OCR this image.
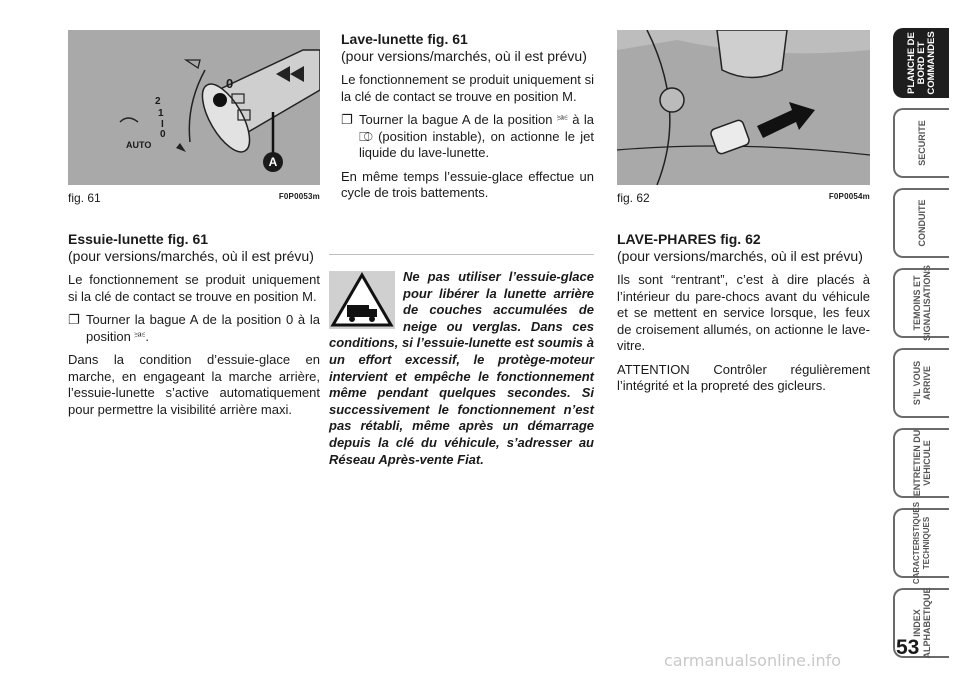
0
2
1
I
0
AUTO
A
fig. 61	F0P0053m	fig. 62	F0P0054m
Essuie-lunette fig. 61
(pour versions/marchés, où il est prévu)

Le fonctionnement se produit uniquement si la clé de contact se trouve en position M.

❐ Tourner la bague A de la position 0 à la position ⎃.

Dans la condition d’essuie-glace en marche, en engageant la marche arrière, l’essuie-lunette s’active automatiquement pour permettre la visibilité arrière maxi.

Lave-lunette fig. 61
(pour versions/marchés, où il est prévu)

Le fonctionnement se produit uniquement si la clé de contact se trouve en position M.

❐ Tourner la bague A de la position ⎃ à la ⎄ (position instable), on actionne le jet liquide du lave-lunette.

En même temps l’essuie-glace effectue un cycle de trois battements.

Ne pas utiliser l’essuie-glace pour libérer la lunette arrière de couches accumulées de neige ou verglas. Dans ces conditions, si l’essuie-lunette est soumis à un effort excessif, le protège-moteur intervient et empêche le fonctionnement même pendant quelques secondes. Si successivement le fonctionnement n’est pas rétabli, même après un démarrage depuis la clé du véhicule, s’adresser au Réseau Après-vente Fiat.
LAVE-PHARES fig. 62
(pour versions/marchés, où il est prévu)

Ils sont “rentrant”, c’est à dire placés à l’intérieur du pare-chocs avant du véhicule et se mettent en service lorsque, les feux de croisement allumés, on actionne le lave-vitre.

ATTENTION Contrôler régulièrement l’intégrité et la propreté des gicleurs.

PLANCHE DE BORD ET COMMANDES
SECURITE
CONDUITE
TEMOINS ET SIGNALISATIONS
S’IL VOUS ARRIVE
ENTRETIEN DU VEHICULE
CARACTERISTIQUES TECHNIQUES
INDEX ALPHABETIQUE
53
carmanualsonline.info
